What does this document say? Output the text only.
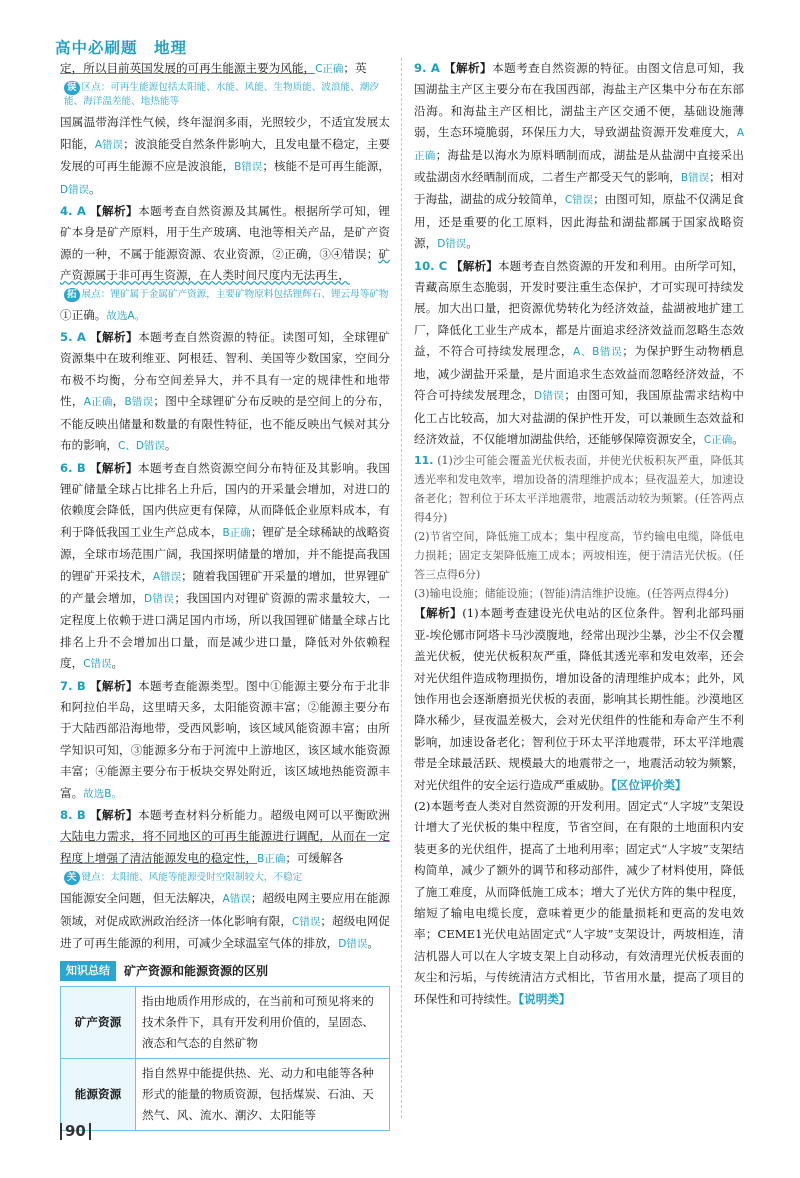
高中必刷题　地理

定，所以目前英国发展的可再生能源主要为风能，C正确；英

误 区点：可再生能源包括太阳能、水能、风能、生物质能、波浪能、潮汐能、海洋温差能、地热能等

国属温带海洋性气候，终年湿润多雨，光照较少，不适宜发展太阳能，A错误；波浪能受自然条件影响大，且发电量不稳定，主要发展的可再生能源不应是波浪能，B错误；核能不是可再生能源，D错误。

4. A 【解析】本题考查自然资源及其属性。根据所学可知，锂矿本身是矿产原料，用于生产玻璃、电池等相关产品，是矿产资源的一种，不属于能源资源、农业资源，②正确，③④错误；矿产资源属于非可再生资源，在人类时间尺度内无法再生，

拓 展点：锂矿属于金属矿产资源，主要矿物原料包括锂辉石、锂云母等矿物

①正确。故选A。

5. A 【解析】本题考查自然资源的特征。读图可知，全球锂矿资源集中在玻利维亚、阿根廷、智利、美国等少数国家，空间分布极不均衡，分布空间差异大，并不具有一定的规律性和地带性，A正确，B错误；图中全球锂矿分布反映的是空间上的分布，不能反映出储量和数量的有限性特征，也不能反映出气候对其分布的影响，C、D错误。

6. B 【解析】本题考查自然资源空间分布特征及其影响。我国锂矿储量全球占比排名上升后，国内的开采量会增加，对进口的依赖度会降低，国内供应更有保障，从而降低企业原料成本，有利于降低我国工业生产总成本，B正确；锂矿是全球稀缺的战略资源，全球市场范围广阔，我国探明储量的增加，并不能提高我国的锂矿开采技术，A错误；随着我国锂矿开采量的增加，世界锂矿的产量会增加，D错误；我国国内对锂矿资源的需求量较大，一定程度上依赖于进口满足国内市场，所以我国锂矿储量全球占比排名上升不会增加出口量，而是减少进口量，降低对外依赖程度，C错误。

7. B 【解析】本题考查能源类型。图中①能源主要分布于北非和阿拉伯半岛，这里晴天多，太阳能资源丰富；②能源主要分布于大陆西部沿海地带，受西风影响，该区域风能资源丰富；由所学知识可知，③能源多分布于河流中上游地区，该区域水能资源丰富；④能源主要分布于板块交界处附近，该区域地热能资源丰富。故选B。

8. B 【解析】本题考查材料分析能力。超级电网可以平衡欧洲大陆电力需求，将不同地区的可再生能源进行调配，从而在一定程度上增强了清洁能源发电的稳定性，B正确；可缓解各

关 键点：太阳能、风能等能源受时空限制较大，不稳定

国能源安全问题，但无法解决，A错误；超级电网主要应用在能源领域，对促成欧洲政治经济一体化影响有限，C错误；超级电网促进了可再生能源的利用，可减少全球温室气体的排放，D错误。

知识总结	矿产资源和能源资源的区别
矿产资源	指由地质作用形成的，在当前和可预见将来的技术条件下，具有开发利用价值的，呈固态、液态和气态的自然矿物
能源资源	指自然界中能提供热、光、动力和电能等各种形式的能量的物质资源，包括煤炭、石油、天然气、风、流水、潮汐、太阳能等

9. A 【解析】本题考查自然资源的特征。由图文信息可知，我国湖盐主产区主要分布在我国西部，海盐主产区集中分布在东部沿海。和海盐主产区相比，湖盐主产区交通不便，基础设施薄弱，生态环境脆弱，环保压力大，导致湖盐资源开发难度大，A正确；海盐是以海水为原料晒制而成，湖盐是从盐湖中直接采出或盐湖卤水经晒制而成，二者生产都受天气的影响，B错误；相对于海盐，湖盐的成分较简单，C错误；由图可知，原盐不仅满足食用，还是重要的化工原料，因此海盐和湖盐都属于国家战略资源，D错误。

10. C 【解析】本题考查自然资源的开发和利用。由所学可知，青藏高原生态脆弱，开发时要注重生态保护，才可实现可持续发展。加大出口量，把资源优势转化为经济效益，盐湖被地扩建工厂，降低化工业生产成本，都是片面追求经济效益而忽略生态效益，不符合可持续发展理念，A、B错误；为保护野生动物栖息地，减少湖盐开采量，是片面追求生态效益而忽略经济效益，不符合可持续发展理念，D错误；由图可知，我国原盐需求结构中化工占比较高，加大对盐湖的保护性开发，可以兼顾生态效益和经济效益，不仅能增加湖盐供给，还能够保障资源安全，C正确。

11. (1)沙尘可能会覆盖光伏板表面，并使光伏板积灰严重，降低其透光率和发电效率，增加设备的清理维护成本；昼夜温差大，加速设备老化；智利位于环太平洋地震带，地震活动较为频繁。(任答两点得4分)

(2)节省空间，降低施工成本；集中程度高，节约输电电缆，降低电力损耗；固定支架降低施工成本；两坡相连，便于清洁光伏板。(任答三点得6分)

(3)输电设施；储能设施；(智能)清洁维护设施。(任答两点得4分)

【解析】(1)本题考查建设光伏电站的区位条件。智利北部玛丽亚-埃伦娜市阿塔卡马沙漠腹地，经常出现沙尘暴，沙尘不仅会覆盖光伏板，使光伏板积灰严重，降低其透光率和发电效率，还会对光伏组件造成物理损伤，增加设备的清理维护成本；此外，风蚀作用也会逐渐磨损光伏板的表面，影响其长期性能。沙漠地区降水稀少，昼夜温差极大，会对光伏组件的性能和寿命产生不利影响，加速设备老化；智利位于环太平洋地震带，环太平洋地震带是全球最活跃、规模最大的地震带之一，地震活动较为频繁，对光伏组件的安全运行造成严重威胁。【区位评价类】

(2)本题考查人类对自然资源的开发利用。固定式“人字坡”支架设计增大了光伏板的集中程度，节省空间，在有限的土地面积内安装更多的光伏组件，提高了土地利用率；固定式“人字坡”支架结构简单，减少了额外的调节和移动部件，减少了材料使用，降低了施工难度，从而降低施工成本；增大了光伏方阵的集中程度，缩短了输电电缆长度，意味着更少的能量损耗和更高的发电效率；CEME1光伏电站固定式“人字坡”支架设计，两坡相连，清洁机器人可以在人字坡支架上自动移动，有效清理光伏板表面的灰尘和污垢，与传统清洁方式相比，节省用水量，提高了项目的环保性和可持续性。【说明类】

90
